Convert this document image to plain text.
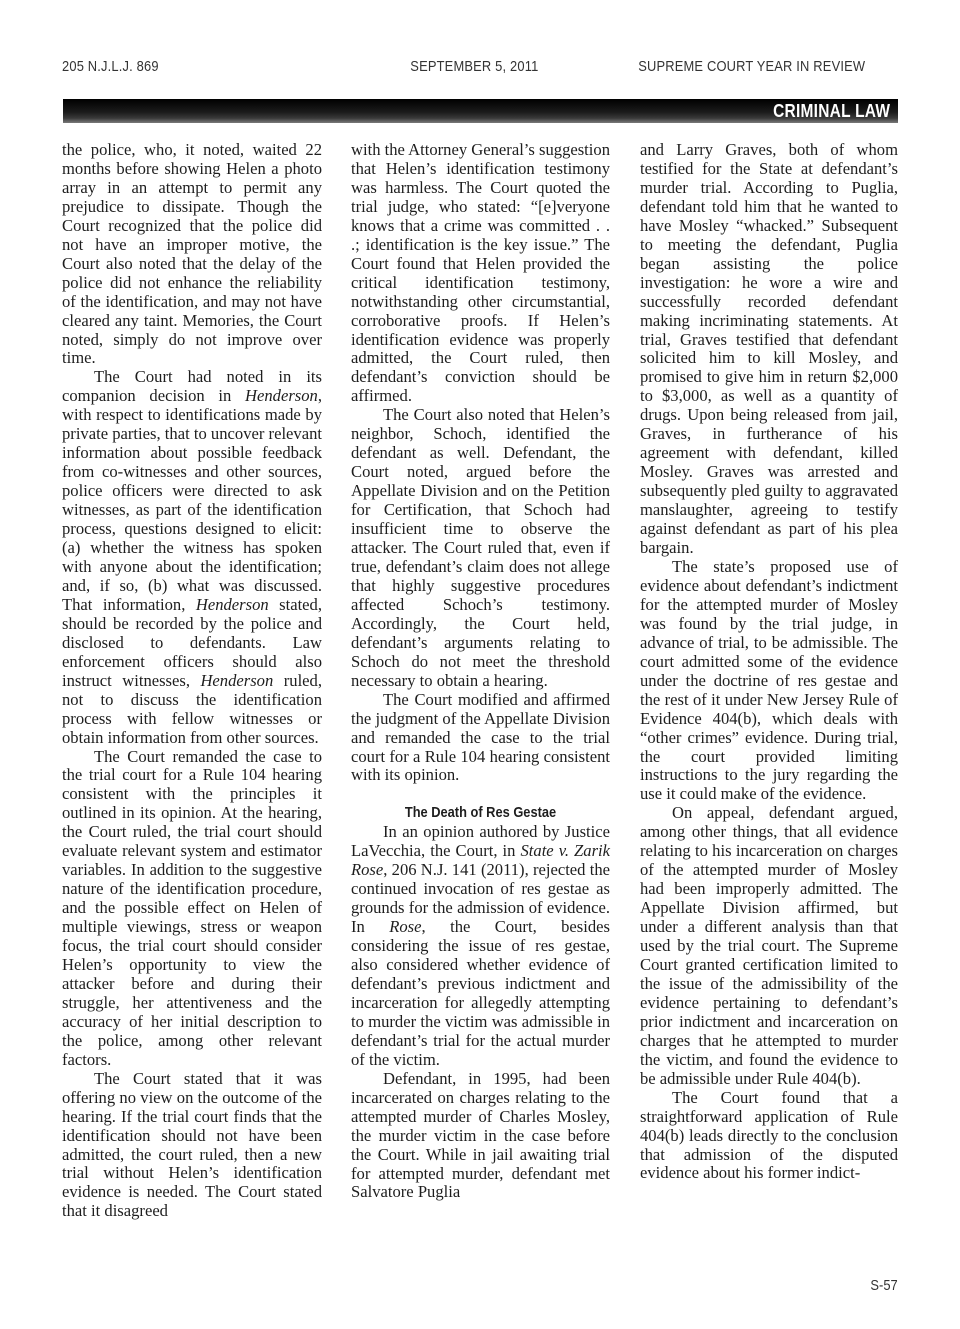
205 N.J.L.J. 869	SEPTEMBER 5, 2011	SUPREME COURT YEAR IN REVIEW
CRIMINAL LAW

the police, who, it noted, waited 22 months before showing Helen a photo array in an attempt to permit any prejudice to dissipate. Though the Court recognized that the police did not have an improper motive, the Court also noted that the delay of the police did not enhance the reliability of the identification, and may not have cleared any taint. Memories, the Court noted, simply do not improve over time.

The Court had noted in its companion decision in Henderson, with respect to identifications made by private parties, that to uncover relevant information about possible feedback from co-witnesses and other sources, police officers were directed to ask witnesses, as part of the identification process, questions designed to elicit: (a) whether the witness has spoken with anyone about the identification; and, if so, (b) what was discussed. That information, Henderson stated, should be recorded by the police and disclosed to defendants. Law enforcement officers should also instruct witnesses, Henderson ruled, not to discuss the identification process with fellow witnesses or obtain information from other sources.

The Court remanded the case to the trial court for a Rule 104 hearing consistent with the principles it outlined in its opinion. At the hearing, the Court ruled, the trial court should evaluate relevant system and estimator variables. In addition to the suggestive nature of the identification procedure, and the possible effect on Helen of multiple viewings, stress or weapon focus, the trial court should consider Helen’s opportunity to view the attacker before and during their struggle, her attentiveness and the accuracy of her initial description to the police, among other relevant factors.

The Court stated that it was offering no view on the outcome of the hearing. If the trial court finds that the identification should not have been admitted, the court ruled, then a new trial without Helen’s identification evidence is needed. The Court stated that it disagreed

with the Attorney General’s suggestion that Helen’s identification testimony was harmless. The Court quoted the trial judge, who stated: “[e]veryone knows that a crime was committed . . .; identification is the key issue.” The Court found that Helen provided the critical identification testimony, notwithstanding other circumstantial, corroborative proofs. If Helen’s identification evidence was properly admitted, the Court ruled, then defendant’s conviction should be affirmed.

The Court also noted that Helen’s neighbor, Schoch, identified the defendant as well. Defendant, the Court noted, argued before the Appellate Division and on the Petition for Certification, that Schoch had insufficient time to observe the attacker. The Court ruled that, even if true, defendant’s claim does not allege that highly suggestive procedures affected Schoch’s testimony. Accordingly, the Court held, defendant’s arguments relating to Schoch do not meet the threshold necessary to obtain a hearing.

The Court modified and affirmed the judgment of the Appellate Division and remanded the case to the trial court for a Rule 104 hearing consistent with its opinion.

The Death of Res Gestae

In an opinion authored by Justice LaVecchia, the Court, in State v. Zarik Rose, 206 N.J. 141 (2011), rejected the continued invocation of res gestae as grounds for the admission of evidence. In Rose, the Court, besides considering the issue of res gestae, also considered whether evidence of defendant’s previous indictment and incarceration for allegedly attempting to murder the victim was admissible in defendant’s trial for the actual murder of the victim.

Defendant, in 1995, had been incarcerated on charges relating to the attempted murder of Charles Mosley, the murder victim in the case before the Court. While in jail awaiting trial for attempted murder, defendant met Salvatore Puglia

and Larry Graves, both of whom testified for the State at defendant’s murder trial. According to Puglia, defendant told him that he wanted to have Mosley “whacked.” Subsequent to meeting the defendant, Puglia began assisting the police investigation: he wore a wire and successfully recorded defendant making incriminating statements. At trial, Graves testified that defendant solicited him to kill Mosley, and promised to give him in return $2,000 to $3,000, as well as a quantity of drugs. Upon being released from jail, Graves, in furtherance of his agreement with defendant, killed Mosley. Graves was arrested and subsequently pled guilty to aggravated manslaughter, agreeing to testify against defendant as part of his plea bargain.

The state’s proposed use of evidence about defendant’s indictment for the attempted murder of Mosley was found by the trial judge, in advance of trial, to be admissible. The court admitted some of the evidence under the doctrine of res gestae and the rest of it under New Jersey Rule of Evidence 404(b), which deals with “other crimes” evidence. During trial, the court provided limiting instructions to the jury regarding the use it could make of the evidence.

On appeal, defendant argued, among other things, that all evidence relating to his incarceration on charges of the attempted murder of Mosley had been improperly admitted. The Appellate Division affirmed, but under a different analysis than that used by the trial court. The Supreme Court granted certification limited to the issue of the admissibility of the evidence pertaining to defendant’s prior indictment and incarceration on charges that he attempted to murder the victim, and found the evidence to be admissible under Rule 404(b).

The Court found that a straightforward application of Rule 404(b) leads directly to the conclusion that admission of the disputed evidence about his former indict-

S-57
